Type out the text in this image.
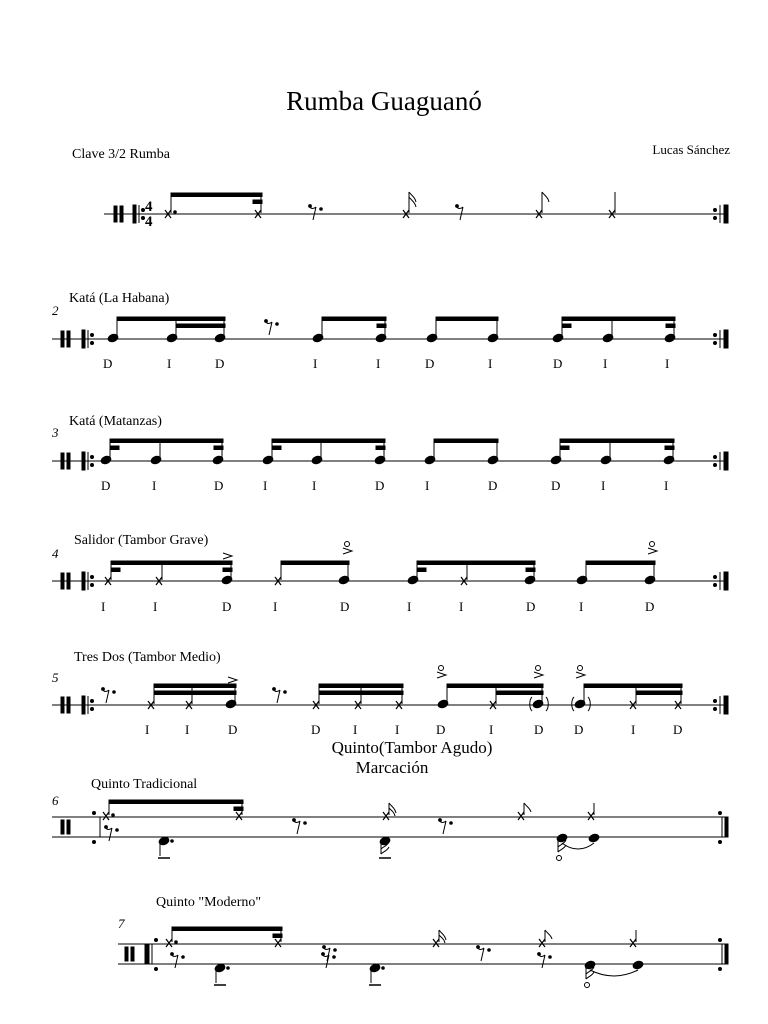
Rumba Guaguanó
Lucas Sánchez
Clave 3/2 Rumba
2
Katá (La Habana)
3
Katá (Matanzas)
4
Salidor (Tambor Grave)
5
Tres Dos (Tambor Medio)
Quinto(Tambor Agudo)
Marcación
6
Quinto Tradicional
7
Quinto "Moderno"
D	I	D	I	I	D	I	D	I	I
D	I	D	I	I	D	I	D	D	I	I
I	I	D	I	D	I	I	D	I	D
I	I	D	D	I	I	D	I	D D	I	D
4
4
